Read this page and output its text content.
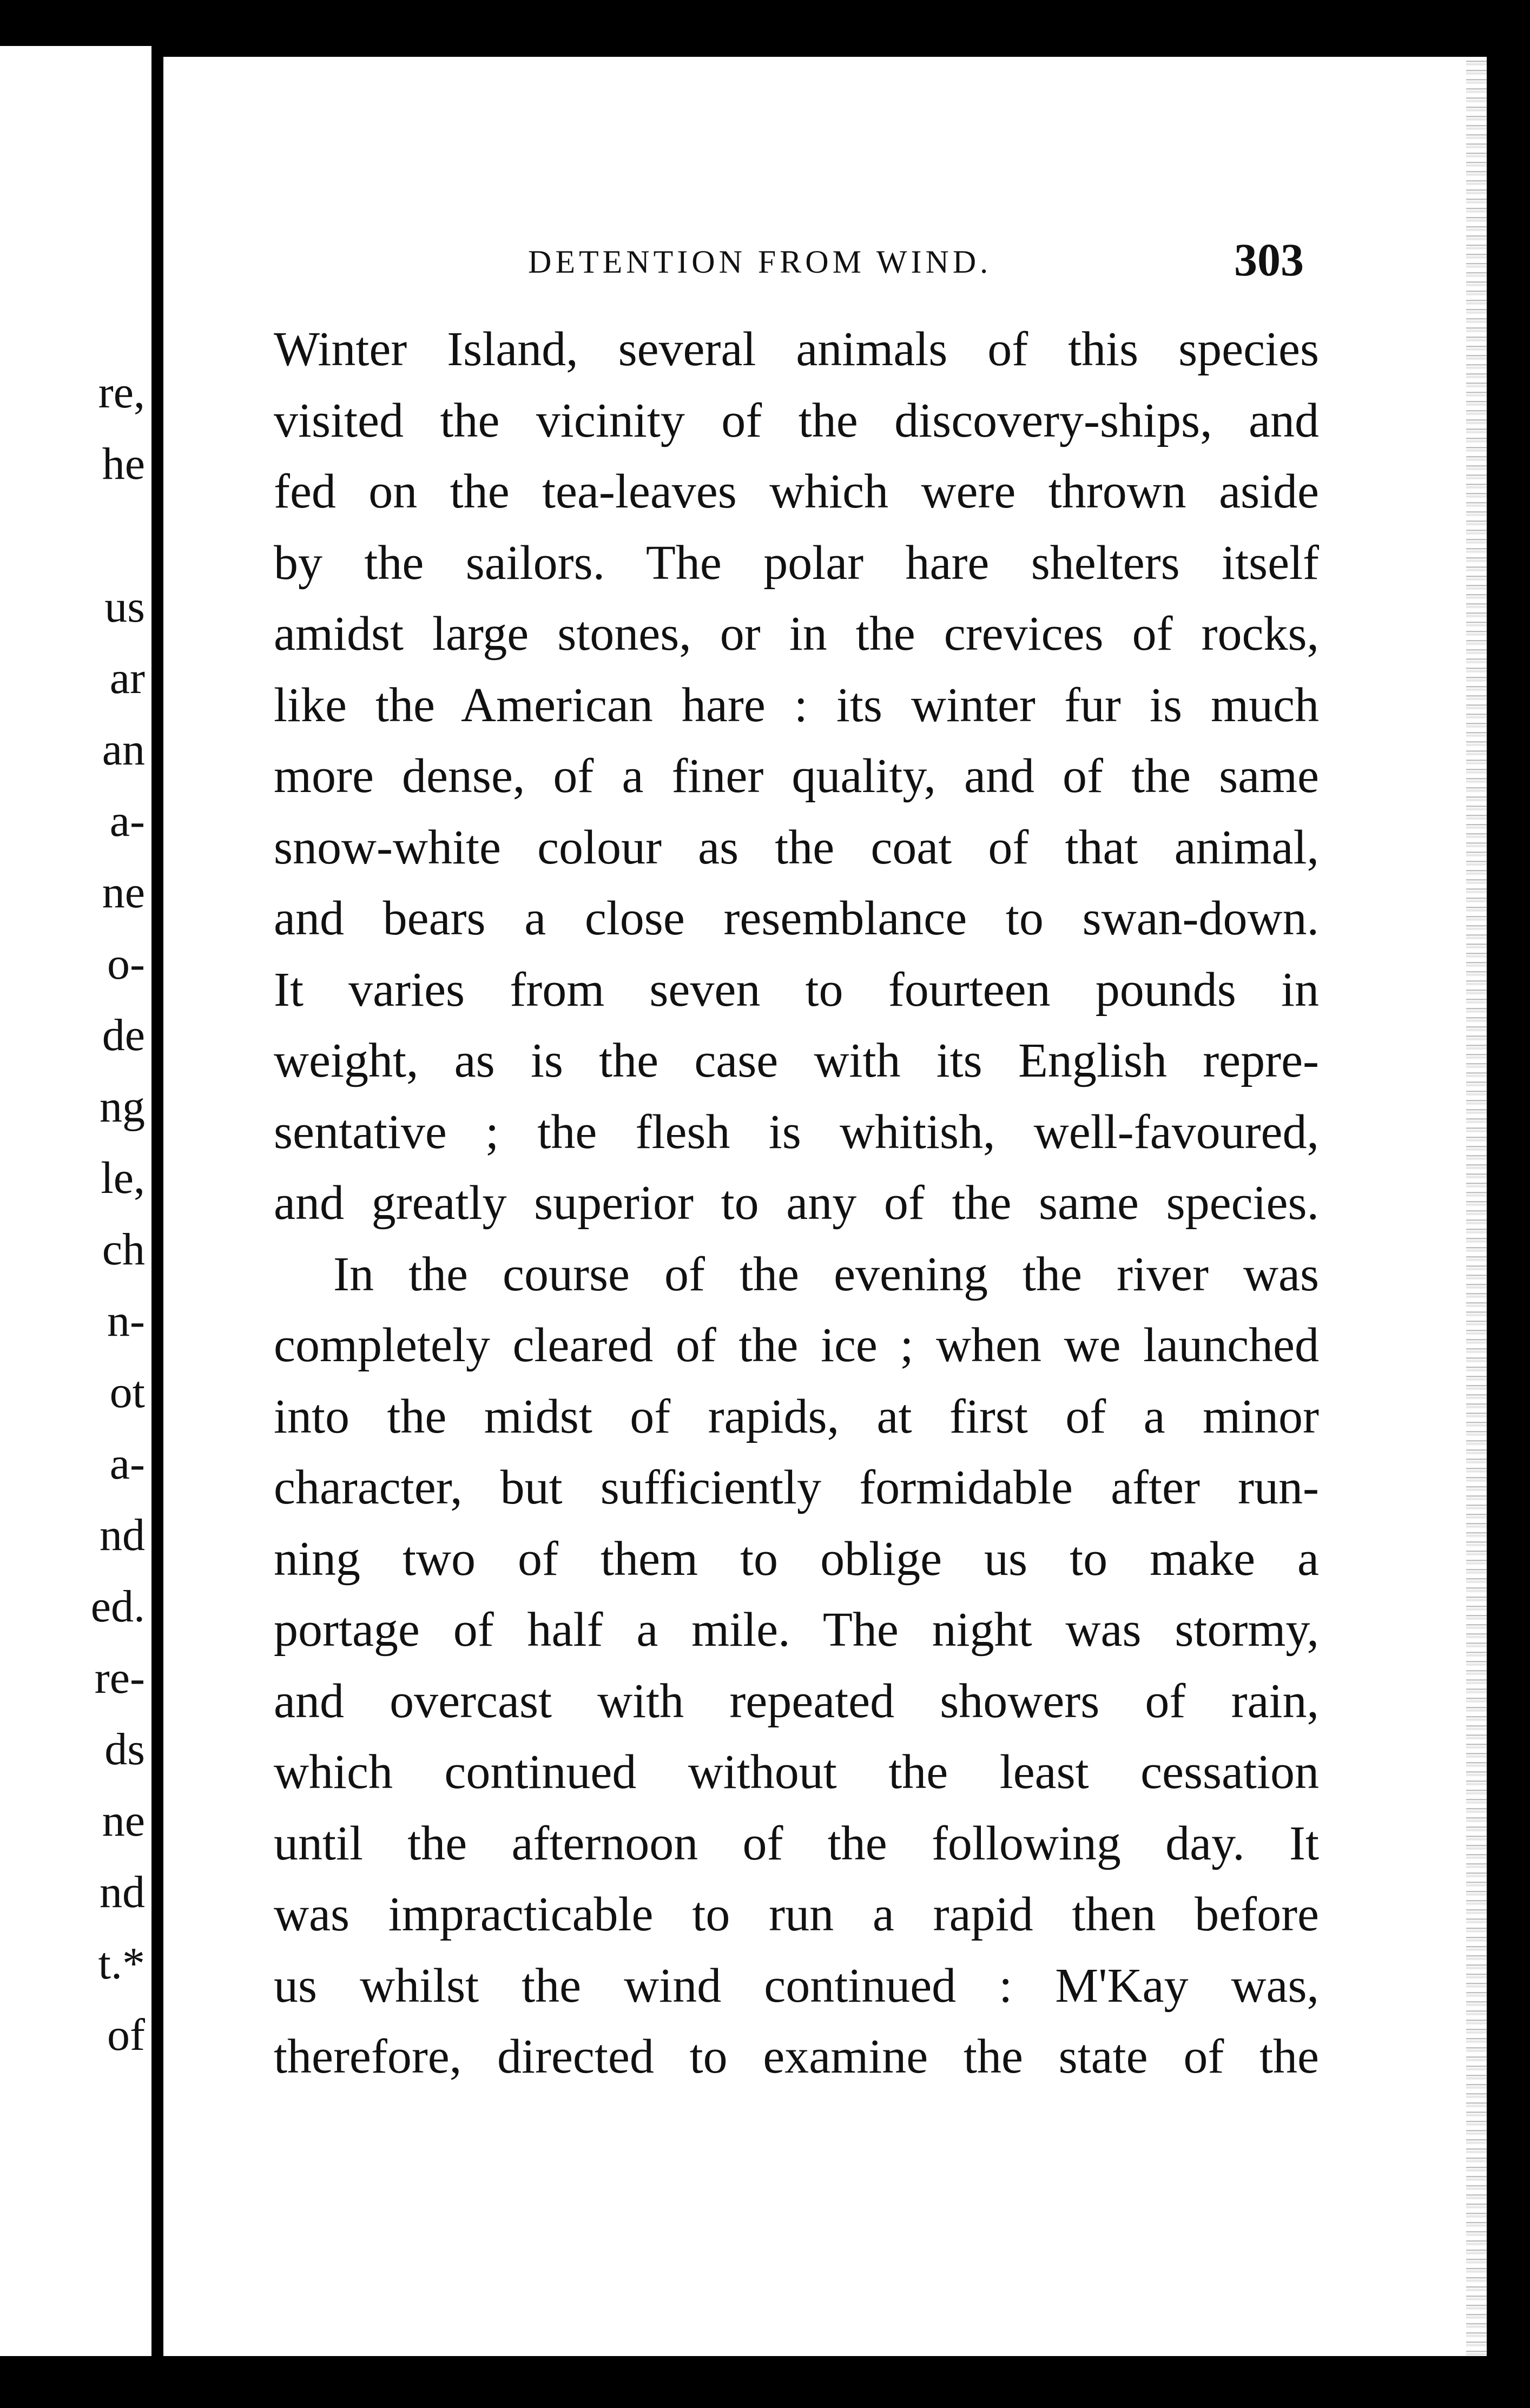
re,
he
us
ar
an
a-
ne
o-
de
ng
le,
ch
n-
ot
a-
nd
ed.
re-
ds
ne
nd
t.*
of
DETENTION FROM WIND.	303
Winter Island, several animals of this species
visited the vicinity of the discovery-ships, and
fed on the tea-leaves which were thrown aside
by the sailors. The polar hare shelters itself
amidst large stones, or in the crevices of rocks,
like the American hare : its winter fur is much
more dense, of a finer quality, and of the same
snow-white colour as the coat of that animal,
and bears a close resemblance to swan-down.
It varies from seven to fourteen pounds in
weight, as is the case with its English repre-
sentative ; the flesh is whitish, well-favoured,
and greatly superior to any of the same species.
In the course of the evening the river was
completely cleared of the ice ; when we launched
into the midst of rapids, at first of a minor
character, but sufficiently formidable after run-
ning two of them to oblige us to make a
portage of half a mile. The night was stormy,
and overcast with repeated showers of rain,
which continued without the least cessation
until the afternoon of the following day. It
was impracticable to run a rapid then before
us whilst the wind continued : M'Kay was,
therefore, directed to examine the state of the
